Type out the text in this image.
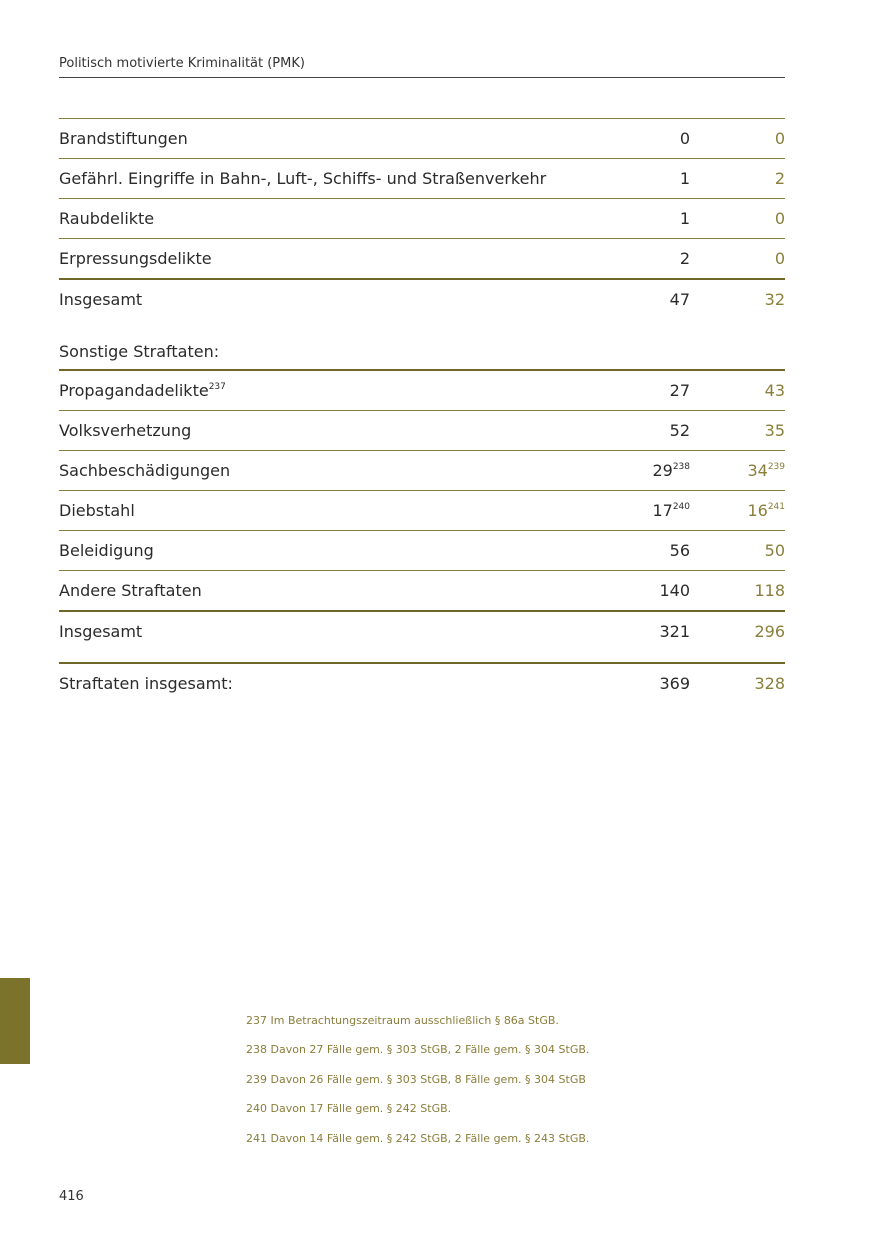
Politisch motivierte Kriminalität (PMK)
Brandstiftungen	0	0
Gefährl. Eingriffe in Bahn-, Luft-, Schiffs- und Straßenverkehr	1	2
Raubdelikte	1	0
Erpressungsdelikte	2	0
Insgesamt	47	32
Sonstige Straftaten:
Propagandadelikte$^{237}$	27	43
Volksverhetzung	52	35
Sachbeschädigungen	$29^{238}$	$34^{239}$
Diebstahl	$17^{240}$	$16^{241}$
Beleidigung	56	50
Andere Straftaten	140	118
Insgesamt	321	296
Straftaten insgesamt:	369	328
237 Im Betrachtungszeitraum ausschließlich § 86a StGB.
238 Davon 27 Fälle gem. § 303 StGB, 2 Fälle gem. § 304 StGB.
239 Davon 26 Fälle gem. § 303 StGB, 8 Fälle gem. § 304 StGB
240 Davon 17 Fälle gem. § 242 StGB.
241 Davon 14 Fälle gem. § 242 StGB, 2 Fälle gem. § 243 StGB.
416
